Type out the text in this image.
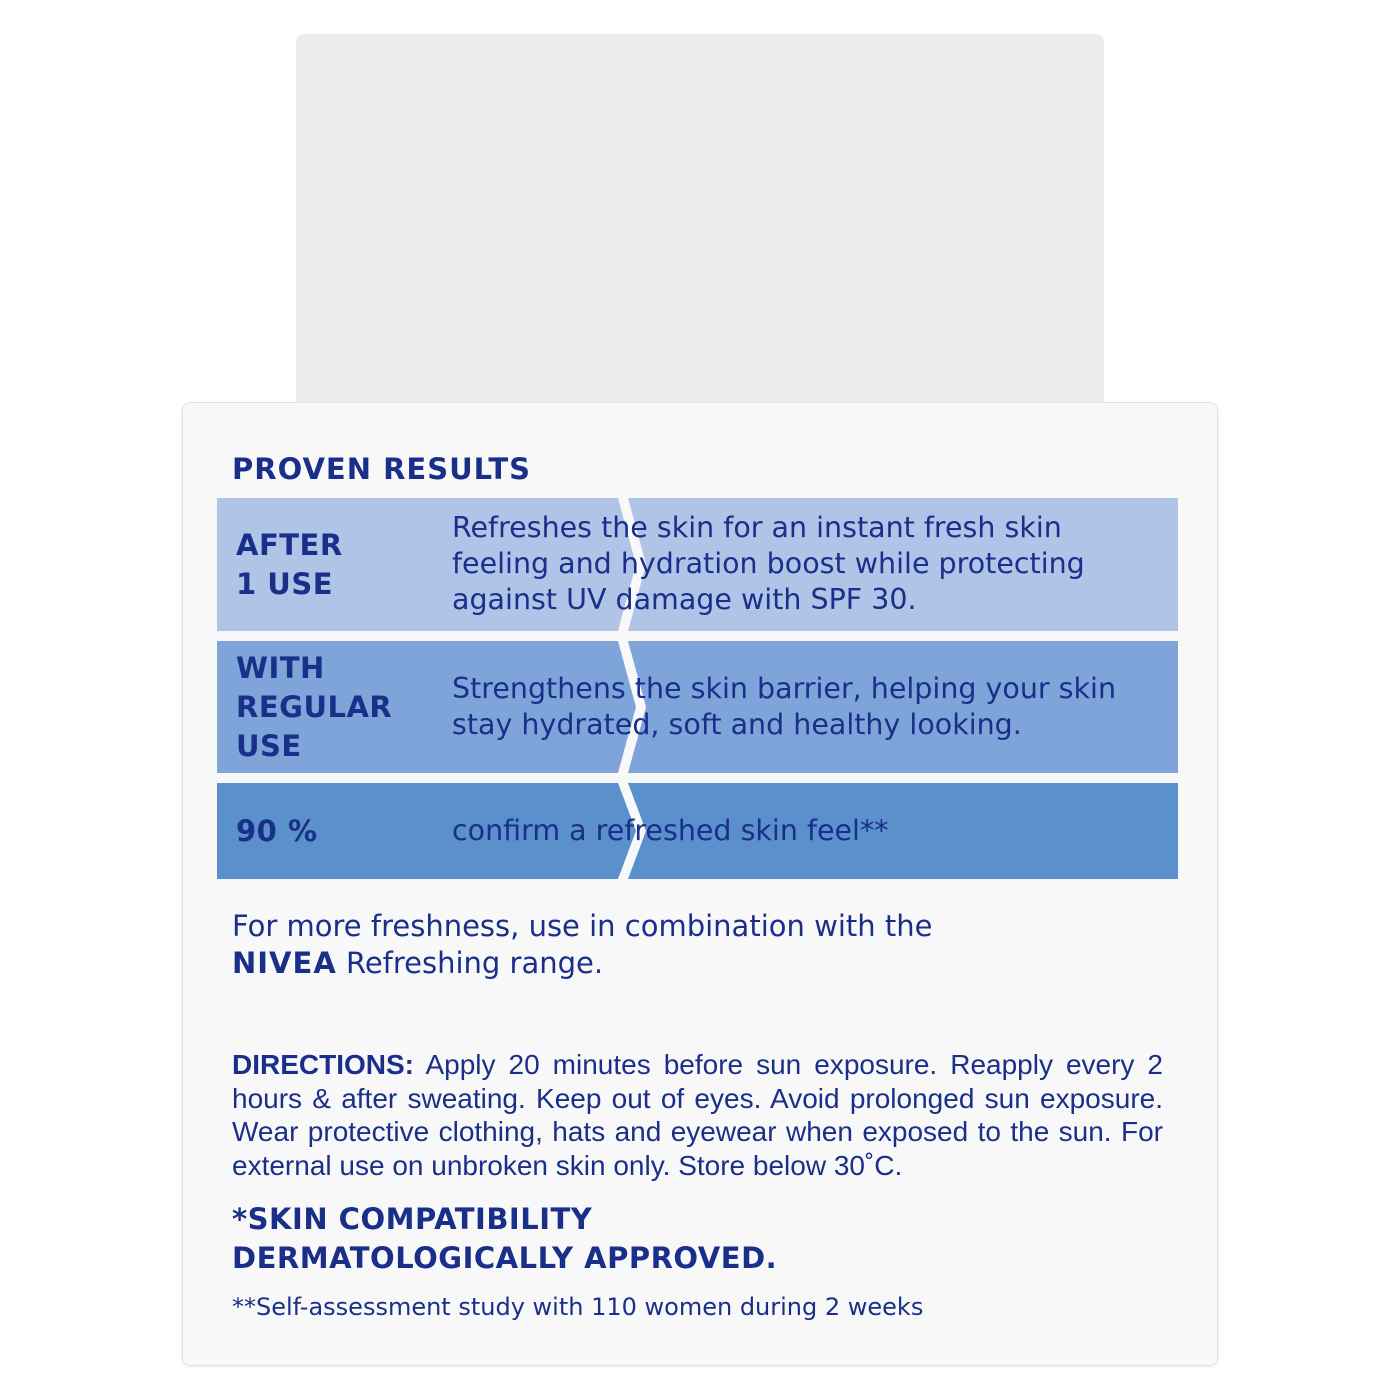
PROVEN RESULTS
AFTER
1 USE
Refreshes the skin for an instant fresh skin feeling and hydration boost while protecting against UV damage with SPF 30.
WITH
REGULAR
USE
Strengthens the skin barrier, helping your skin stay hydrated, soft and healthy looking.
90 %	confirm a refreshed skin feel**

For more freshness, use in combination with the
NIVEA Refreshing range.

DIRECTIONS: Apply 20 minutes before sun exposure. Reapply every 2 hours & after sweating. Keep out of eyes. Avoid prolonged sun exposure. Wear protective clothing, hats and eyewear when exposed to the sun. For external use on unbroken skin only. Store below 30˚C.

*SKIN COMPATIBILITY
DERMATOLOGICALLY APPROVED.

**Self-assessment study with 110 women during 2 weeks
